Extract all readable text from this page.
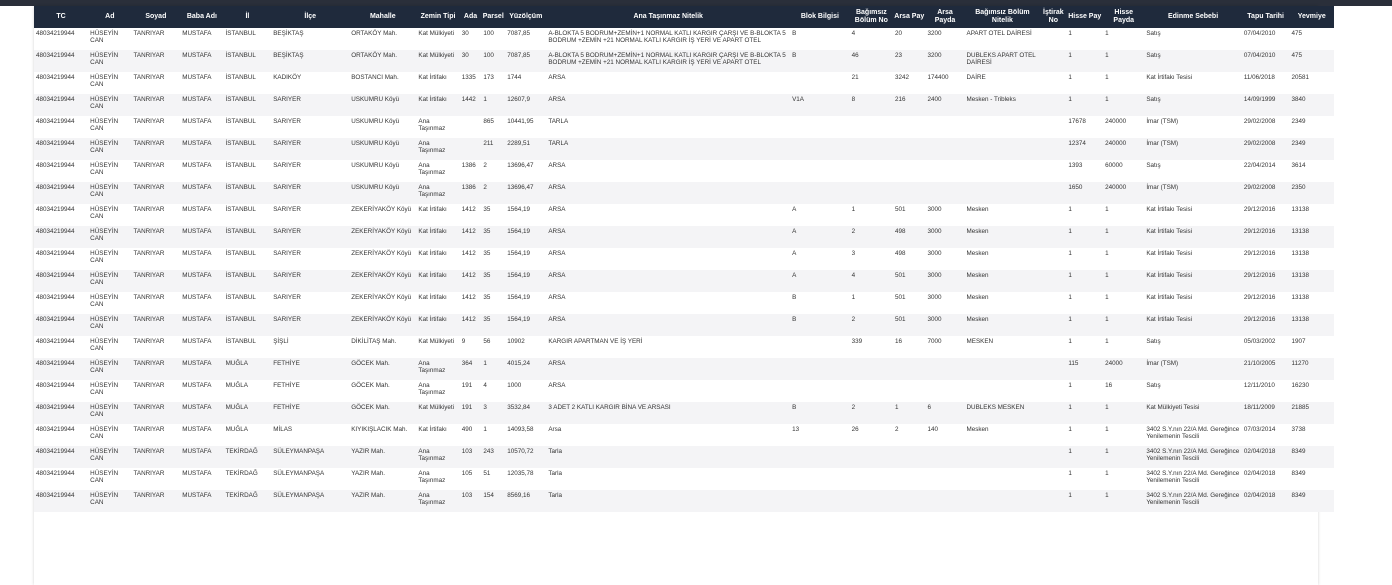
TC	Ad	Soyad	Baba Adı	İl	İlçe	Mahalle	Zemin Tipi	Ada	Parsel	Yüzölçüm	Ana Taşınmaz Nitelik	Blok Bilgisi	Bağımsız Bölüm No	Arsa Pay	Arsa Payda	Bağımsız Bölüm Nitelik	İştirak No	Hisse Pay	Hisse Payda	Edinme Sebebi	Tapu Tarihi	Yevmiye
48034219944	HÜSEYİN CAN	TANRIYAR	MUSTAFA	İSTANBUL	BEŞİKTAŞ	ORTAKÖY Mah.	Kat Mülkiyeti	30	100	7087,85	A-BLOKTA 5 BODRUM+ZEMİN+1 NORMAL KATLI KARGIR ÇARŞI VE B-BLOKTA 5 BODRUM +ZEMİN +21 NORMAL KATLI KARGIR İŞ YERİ VE APART OTEL	B	4	20	3200	APART OTEL DAİRESİ		1	1	Satış	07/04/2010	475
48034219944	HÜSEYİN CAN	TANRIYAR	MUSTAFA	İSTANBUL	BEŞİKTAŞ	ORTAKÖY Mah.	Kat Mülkiyeti	30	100	7087,85	A-BLOKTA 5 BODRUM+ZEMİN+1 NORMAL KATLI KARGIR ÇARŞI VE B-BLOKTA 5 BODRUM +ZEMİN +21 NORMAL KATLI KARGIR İŞ YERİ VE APART OTEL	B	46	23	3200	DUBLEKS APART OTEL DAİRESİ		1	1	Satış	07/04/2010	475
48034219944	HÜSEYİN CAN	TANRIYAR	MUSTAFA	İSTANBUL	KADIKÖY	BOSTANCI Mah.	Kat İrtifakı	1335	173	1744	ARSA		21	3242	174400	DAİRE		1	1	Kat İrtifakı Tesisi	11/06/2018	20581
48034219944	HÜSEYİN CAN	TANRIYAR	MUSTAFA	İSTANBUL	SARIYER	USKUMRU Köyü	Kat İrtifakı	1442	1	12607,9	ARSA	V1A	8	216	2400	Mesken - Tribleks		1	1	Satış	14/09/1999	3840
48034219944	HÜSEYİN CAN	TANRIYAR	MUSTAFA	İSTANBUL	SARIYER	USKUMRU Köyü	Ana Taşınmaz		865	10441,95	TARLA							17678	240000	İmar (TSM)	29/02/2008	2349
48034219944	HÜSEYİN CAN	TANRIYAR	MUSTAFA	İSTANBUL	SARIYER	USKUMRU Köyü	Ana Taşınmaz		211	2289,51	TARLA							12374	240000	İmar (TSM)	29/02/2008	2349
48034219944	HÜSEYİN CAN	TANRIYAR	MUSTAFA	İSTANBUL	SARIYER	USKUMRU Köyü	Ana Taşınmaz	1386	2	13696,47	ARSA							1393	60000	Satış	22/04/2014	3614
48034219944	HÜSEYİN CAN	TANRIYAR	MUSTAFA	İSTANBUL	SARIYER	USKUMRU Köyü	Ana Taşınmaz	1386	2	13696,47	ARSA							1650	240000	İmar (TSM)	29/02/2008	2350
48034219944	HÜSEYİN CAN	TANRIYAR	MUSTAFA	İSTANBUL	SARIYER	ZEKERİYAKÖY Köyü	Kat İrtifakı	1412	35	1564,19	ARSA	A	1	501	3000	Mesken		1	1	Kat İrtifakı Tesisi	29/12/2016	13138
48034219944	HÜSEYİN CAN	TANRIYAR	MUSTAFA	İSTANBUL	SARIYER	ZEKERİYAKÖY Köyü	Kat İrtifakı	1412	35	1564,19	ARSA	A	2	498	3000	Mesken		1	1	Kat İrtifakı Tesisi	29/12/2016	13138
48034219944	HÜSEYİN CAN	TANRIYAR	MUSTAFA	İSTANBUL	SARIYER	ZEKERİYAKÖY Köyü	Kat İrtifakı	1412	35	1564,19	ARSA	A	3	498	3000	Mesken		1	1	Kat İrtifakı Tesisi	29/12/2016	13138
48034219944	HÜSEYİN CAN	TANRIYAR	MUSTAFA	İSTANBUL	SARIYER	ZEKERİYAKÖY Köyü	Kat İrtifakı	1412	35	1564,19	ARSA	A	4	501	3000	Mesken		1	1	Kat İrtifakı Tesisi	29/12/2016	13138
48034219944	HÜSEYİN CAN	TANRIYAR	MUSTAFA	İSTANBUL	SARIYER	ZEKERİYAKÖY Köyü	Kat İrtifakı	1412	35	1564,19	ARSA	B	1	501	3000	Mesken		1	1	Kat İrtifakı Tesisi	29/12/2016	13138
48034219944	HÜSEYİN CAN	TANRIYAR	MUSTAFA	İSTANBUL	SARIYER	ZEKERİYAKÖY Köyü	Kat İrtifakı	1412	35	1564,19	ARSA	B	2	501	3000	Mesken		1	1	Kat İrtifakı Tesisi	29/12/2016	13138
48034219944	HÜSEYİN CAN	TANRIYAR	MUSTAFA	İSTANBUL	ŞİŞLİ	DİKİLİTAŞ Mah.	Kat Mülkiyeti	9	56	10902	KARGIR APARTMAN VE İŞ YERİ		339	16	7000	MESKEN		1	1	Satış	05/03/2002	1907
48034219944	HÜSEYİN CAN	TANRIYAR	MUSTAFA	MUĞLA	FETHİYE	GÖCEK Mah.	Ana Taşınmaz	364	1	4015,24	ARSA							115	24000	İmar (TSM)	21/10/2005	11270
48034219944	HÜSEYİN CAN	TANRIYAR	MUSTAFA	MUĞLA	FETHİYE	GÖCEK Mah.	Ana Taşınmaz	191	4	1000	ARSA							1	16	Satış	12/11/2010	16230
48034219944	HÜSEYİN CAN	TANRIYAR	MUSTAFA	MUĞLA	FETHİYE	GÖCEK Mah.	Kat Mülkiyeti	191	3	3532,84	3 ADET 2 KATLI KARGIR BİNA VE ARSASI	B	2	1	6	DUBLEKS MESKEN		1	1	Kat Mülkiyeti Tesisi	18/11/2009	21885
48034219944	HÜSEYİN CAN	TANRIYAR	MUSTAFA	MUĞLA	MİLAS	KIYIKIŞLACIK Mah.	Kat İrtifakı	490	1	14093,58	Arsa	13	26	2	140	Mesken		1	1	3402 S.Y.nın 22/A Md. Gereğince Yenilemenin Tescili	07/03/2014	3738
48034219944	HÜSEYİN CAN	TANRIYAR	MUSTAFA	TEKİRDAĞ	SÜLEYMANPAŞA	YAZIR Mah.	Ana Taşınmaz	103	243	10570,72	Tarla							1	1	3402 S.Y.nın 22/A Md. Gereğince Yenilemenin Tescili	02/04/2018	8349
48034219944	HÜSEYİN CAN	TANRIYAR	MUSTAFA	TEKİRDAĞ	SÜLEYMANPAŞA	YAZIR Mah.	Ana Taşınmaz	105	51	12035,78	Tarla							1	1	3402 S.Y.nın 22/A Md. Gereğince Yenilemenin Tescili	02/04/2018	8349
48034219944	HÜSEYİN CAN	TANRIYAR	MUSTAFA	TEKİRDAĞ	SÜLEYMANPAŞA	YAZIR Mah.	Ana Taşınmaz	103	154	8569,16	Tarla							1	1	3402 S.Y.nın 22/A Md. Gereğince Yenilemenin Tescili	02/04/2018	8349
